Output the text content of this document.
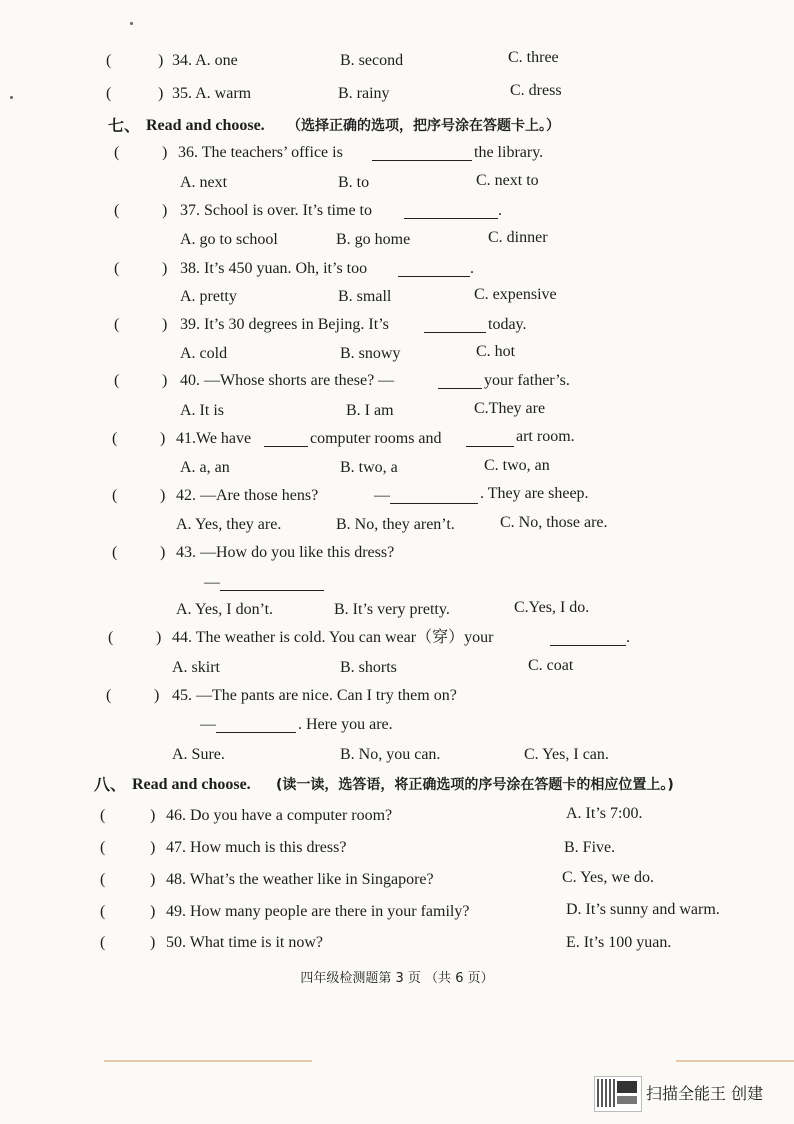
(	) 34. A. one	B. second	C. three
(	) 35. A. warm	B. rainy	C. dress
七、 Read and choose. （选择正确的选项，把序号涂在答题卡上。）
(	) 36. The teachers’ office is	the library.
A. next	B. to	C. next to
(	) 37. School is over. It’s time to	.
A. go to school	B. go home	C. dinner
(	) 38. It’s 450 yuan. Oh, it’s too	.
A. pretty	B. small	C. expensive
(	) 39. It’s 30 degrees in Bejing. It’s	today.
A. cold	B. snowy	C. hot
(	) 40. —Whose shorts are these? —	your father’s.
A. It is	B. I am	C.They are
(	) 41.We have	computer rooms and	art room.
A. a, an	B. two, a	C. two, an
(	) 42. —Are those hens?	—	. They are sheep.
A. Yes, they are.	B. No, they aren’t.	C. No, those are.
(	) 43. —How do you like this dress?
—
A. Yes, I don’t.	B. It’s very pretty.	C.Yes, I do.
(	) 44. The weather is cold. You can wear（穿）your	.
A. skirt	B. shorts	C. coat
(	) 45. —The pants are nice. Can I try them on?
—	. Here you are.
A. Sure.	B. No, you can.	C. Yes, I can.
八、 Read and choose. (读一读，选答语，将正确选项的序号涂在答题卡的相应位置上。)
(	) 46. Do you have a computer room?	A. It’s 7:00.
(	) 47. How much is this dress?	B. Five.
(	) 48. What’s the weather like in Singapore?	C. Yes, we do.
(	) 49. How many people are there in your family?	D. It’s sunny and warm.
(	) 50. What time is it now?	E. It’s 100 yuan.
四年级检测题第 3 页 （共 6 页）
扫描全能王 创建
